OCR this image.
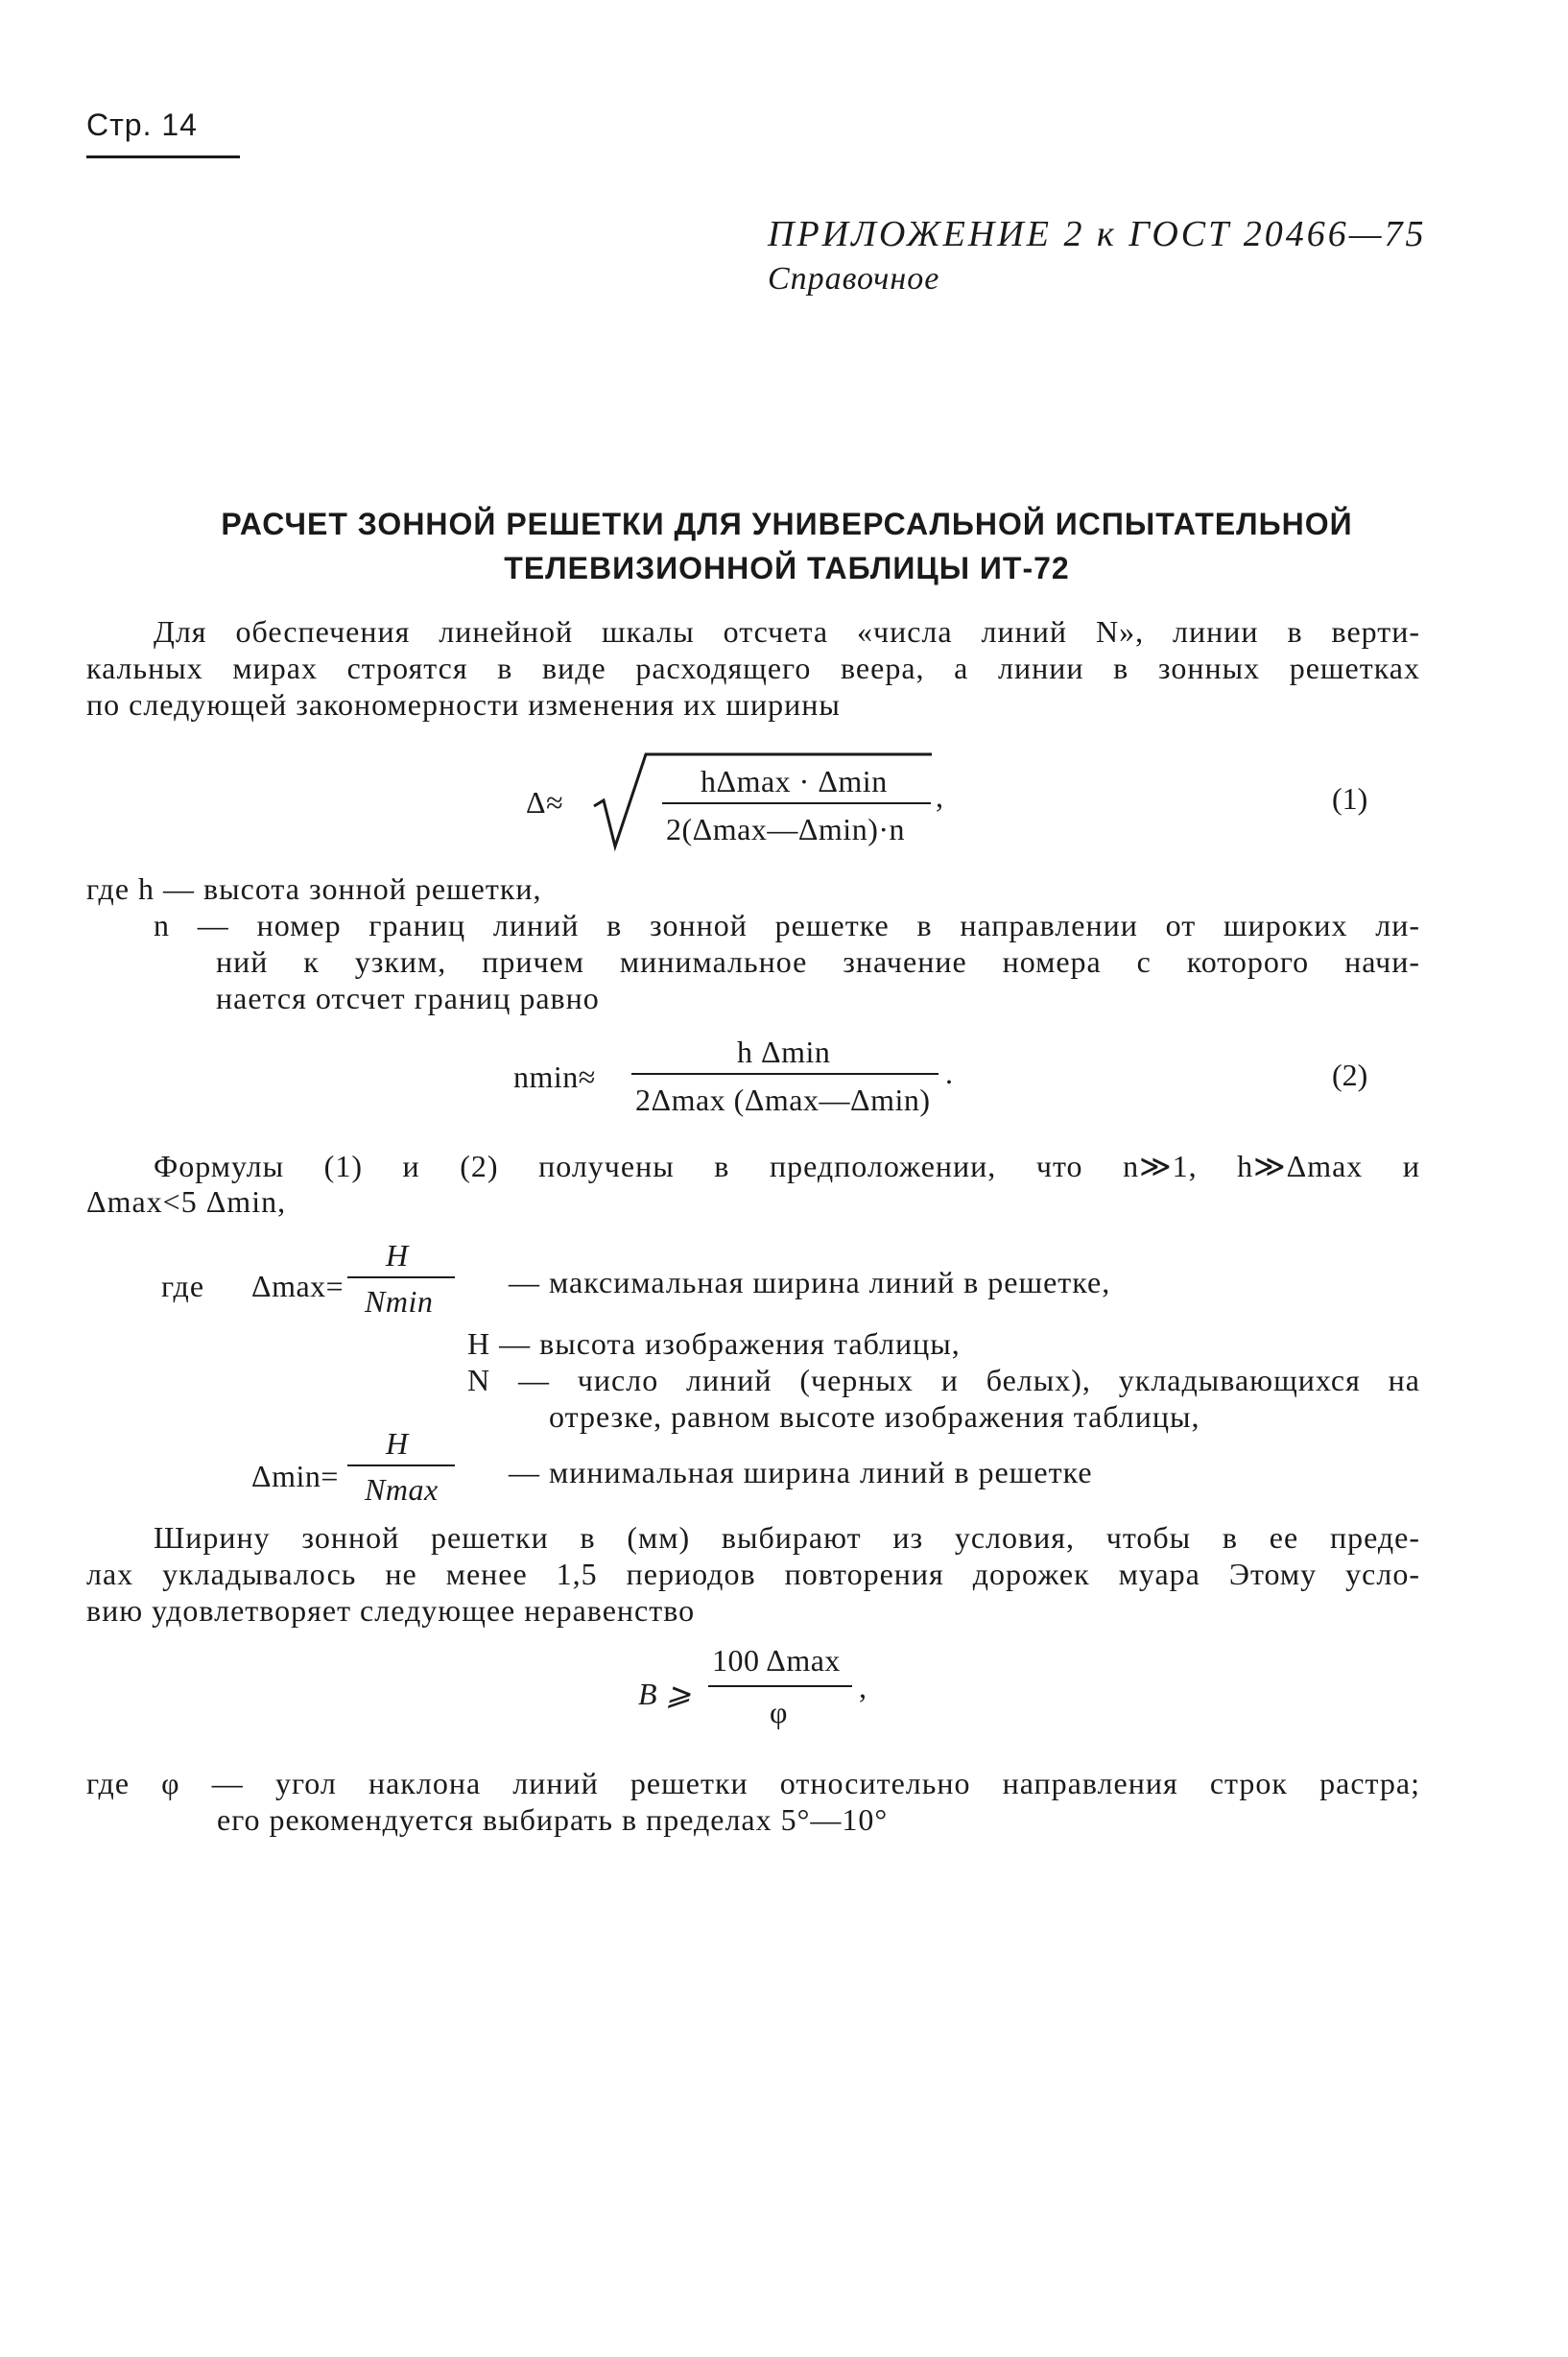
Стр. 14
ПРИЛОЖЕНИЕ 2 к ГОСТ 20466—75
Справочное
РАСЧЕТ ЗОННОЙ РЕШЕТКИ ДЛЯ УНИВЕРСАЛЬНОЙ ИСПЫТАТЕЛЬНОЙ
ТЕЛЕВИЗИОННОЙ ТАБЛИЦЫ ИТ-72
Для обеспечения линейной шкалы отсчета «числа линий N», линии в верти-
кальных мирах строятся в виде расходящего веера, а линии в зонных решетках
по следующей закономерности изменения их ширины
Δ≈
hΔmax · Δmin
2(Δmax—Δmin)·n
,	(1)
где h — высота зонной решетки,
n — номер границ линий в зонной решетке в направлении от широких ли-
ний к узким, причем минимальное значение номера с которого начи-
нается отсчет границ равно
nmin≈
h Δmin
2Δmax (Δmax—Δmin)
.	(2)
Формулы (1) и (2) получены в предположении, что n≫1, h≫Δmax и
Δmax<5 Δmin,
где Δmax=
H
Nmin
— максимальная ширина линий в решетке,
H — высота изображения таблицы,
N — число линий (черных и белых), укладывающихся на
отрезке, равном высоте изображения таблицы,
Δmin=
H
Nmax — минимальная ширина линий в решетке
Ширину зонной решетки в (мм) выбирают из условия, чтобы в ее преде-
лах укладывалось не менее 1,5 периодов повторения дорожек муара Этому усло-
вию удовлетворяет следующее неравенство
B ⩾
100 Δmax
φ
,
где φ — угол наклона линий решетки относительно направления строк растра;
его рекомендуется выбирать в пределах 5°—10°
